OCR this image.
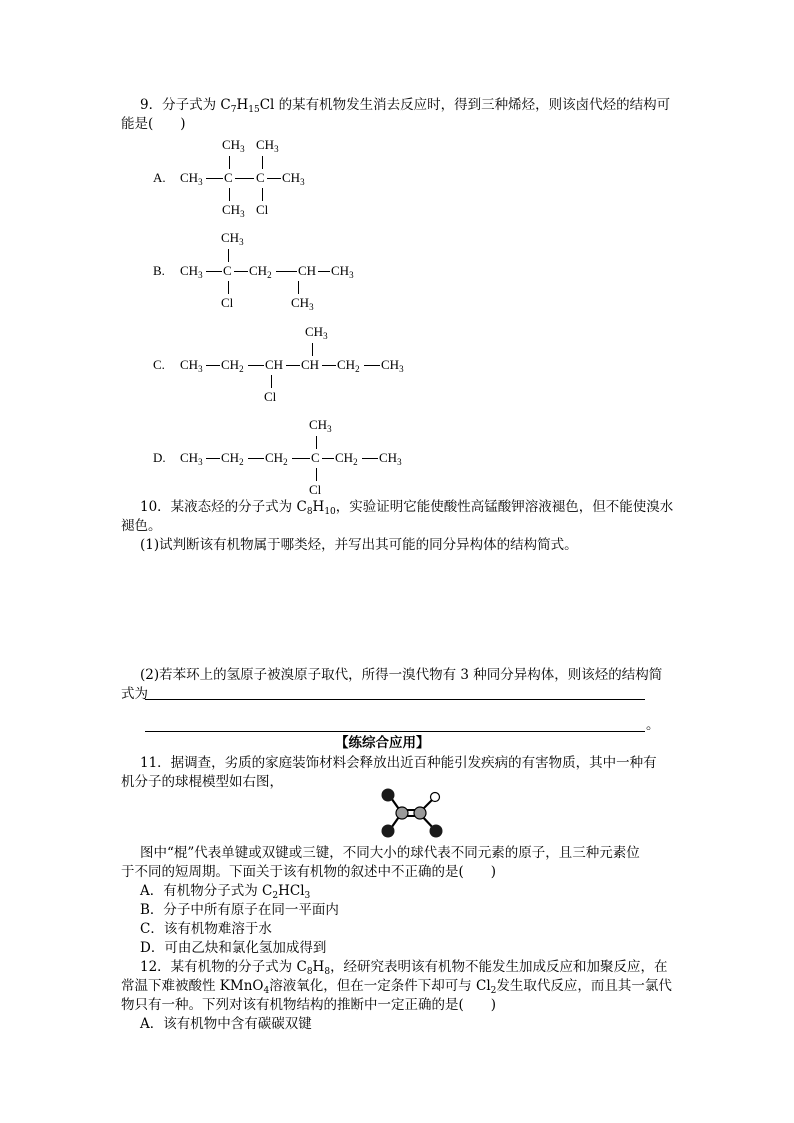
9．分子式为 $C_7H_{15}Cl$ 的某有机物发生消去反应时，得到三种烯烃，则该卤代烃的结构可
能是(　　)
A.
$CH_3$ $CH_3$
$CH_3$ C C $CH_3$
$CH_3$ Cl
B.
$CH_3$
$CH_3$ C $CH_2$ CH $CH_3$
Cl	$CH_3$
C.
$CH_3$
$CH_3$ $CH_2$ CH CH $CH_2$ $CH_3$
Cl
D.
$CH_3$
$CH_3$ $CH_2$ $CH_2$ C $CH_2$ $CH_3$
Cl
10．某液态烃的分子式为 $C_8H_{10}$，实验证明它能使酸性高锰酸钾溶液褪色，但不能使溴水
褪色。
(1)试判断该有机物属于哪类烃，并写出其可能的同分异构体的结构简式。
(2)若苯环上的氢原子被溴原子取代，所得一溴代物有 3 种同分异构体，则该烃的结构简
式为
。
【练综合应用】
11．据调查，劣质的家庭装饰材料会释放出近百种能引发疾病的有害物质，其中一种有
机分子的球棍模型如右图，
图中“棍”代表单键或双键或三键，不同大小的球代表不同元素的原子，且三种元素位
于不同的短周期。下面关于该有机物的叙述中不正确的是(　　)
A．有机物分子式为 $C_2HCl_3$
B．分子中所有原子在同一平面内
C．该有机物难溶于水
D．可由乙炔和氯化氢加成得到
12．某有机物的分子式为 $C_8H_8$，经研究表明该有机物不能发生加成反应和加聚反应，在
常温下难被酸性 KMnO$_4$溶液氧化，但在一定条件下却可与 $Cl_2$发生取代反应，而且其一氯代
物只有一种。下列对该有机物结构的推断中一定正确的是(　　)
A．该有机物中含有碳碳双键
